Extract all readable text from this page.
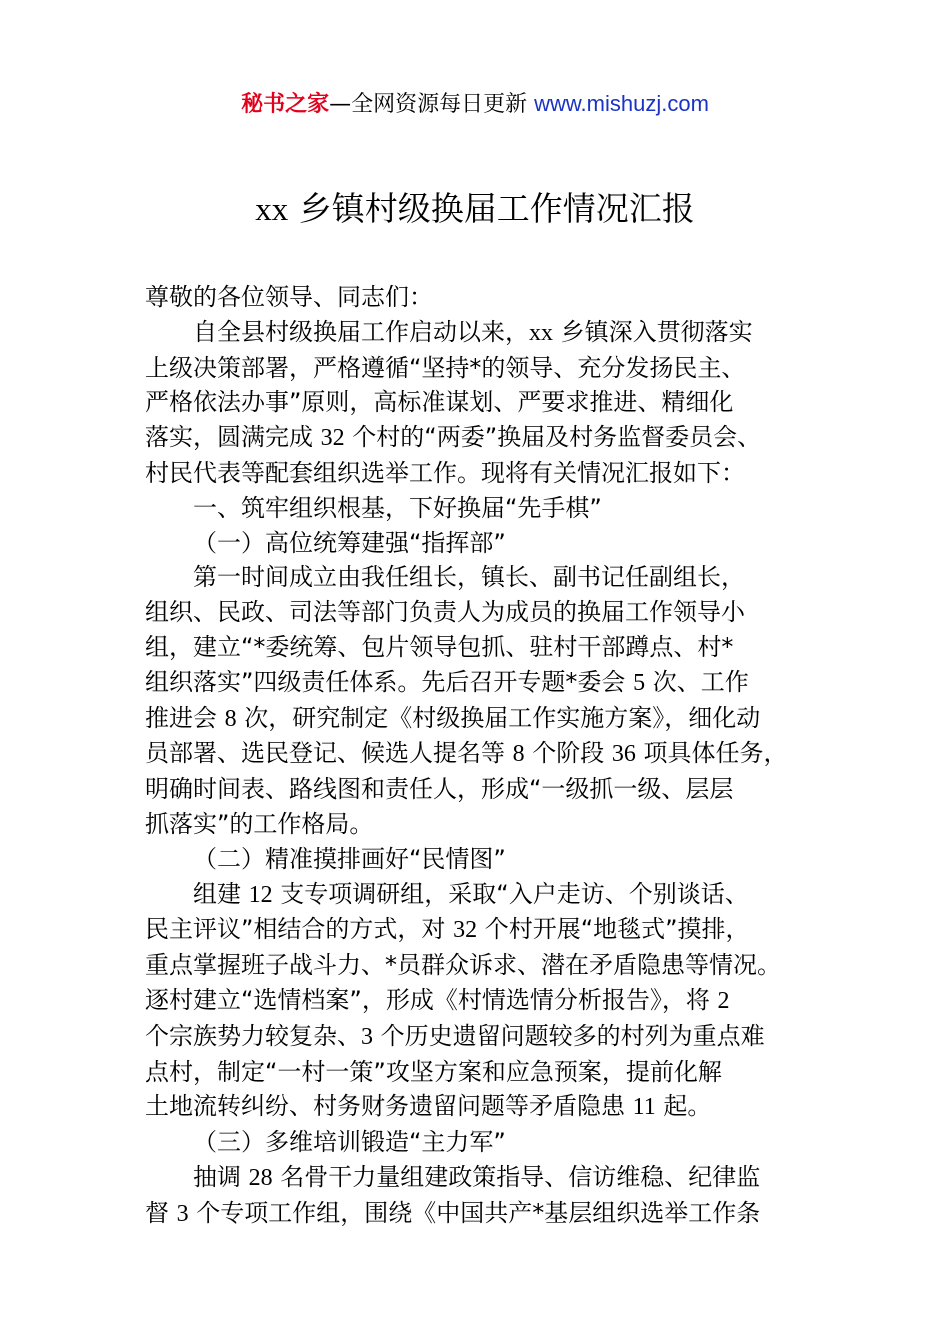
秘书之家—全网资源每日更新 www.mishuzj.com
xx 乡镇村级换届工作情况汇报

尊敬的各位领导、同志们：

自全县村级换届工作启动以来，xx 乡镇深入贯彻落实

上级决策部署，严格遵循“坚持*的领导、充分发扬民主、

严格依法办事”原则，高标准谋划、严要求推进、精细化

落实，圆满完成 32 个村的“两委”换届及村务监督委员会、

村民代表等配套组织选举工作。现将有关情况汇报如下：

一、筑牢组织根基，下好换届“先手棋”

（一）高位统筹建强“指挥部”

第一时间成立由我任组长，镇长、副书记任副组长，

组织、民政、司法等部门负责人为成员的换届工作领导小

组，建立“*委统筹、包片领导包抓、驻村干部蹲点、村*

组织落实”四级责任体系。先后召开专题*委会 5 次、工作

推进会 8 次，研究制定《村级换届工作实施方案》，细化动

员部署、选民登记、候选人提名等 8 个阶段 36 项具体任务，

明确时间表、路线图和责任人，形成“一级抓一级、层层

抓落实”的工作格局。

（二）精准摸排画好“民情图”

组建 12 支专项调研组，采取“入户走访、个别谈话、

民主评议”相结合的方式，对 32 个村开展“地毯式”摸排，

重点掌握班子战斗力、*员群众诉求、潜在矛盾隐患等情况。

逐村建立“选情档案”，形成《村情选情分析报告》，将 2

个宗族势力较复杂、3 个历史遗留问题较多的村列为重点难

点村，制定“一村一策”攻坚方案和应急预案，提前化解

土地流转纠纷、村务财务遗留问题等矛盾隐患 11 起。

（三）多维培训锻造“主力军”

抽调 28 名骨干力量组建政策指导、信访维稳、纪律监

督 3 个专项工作组，围绕《中国共产*基层组织选举工作条
